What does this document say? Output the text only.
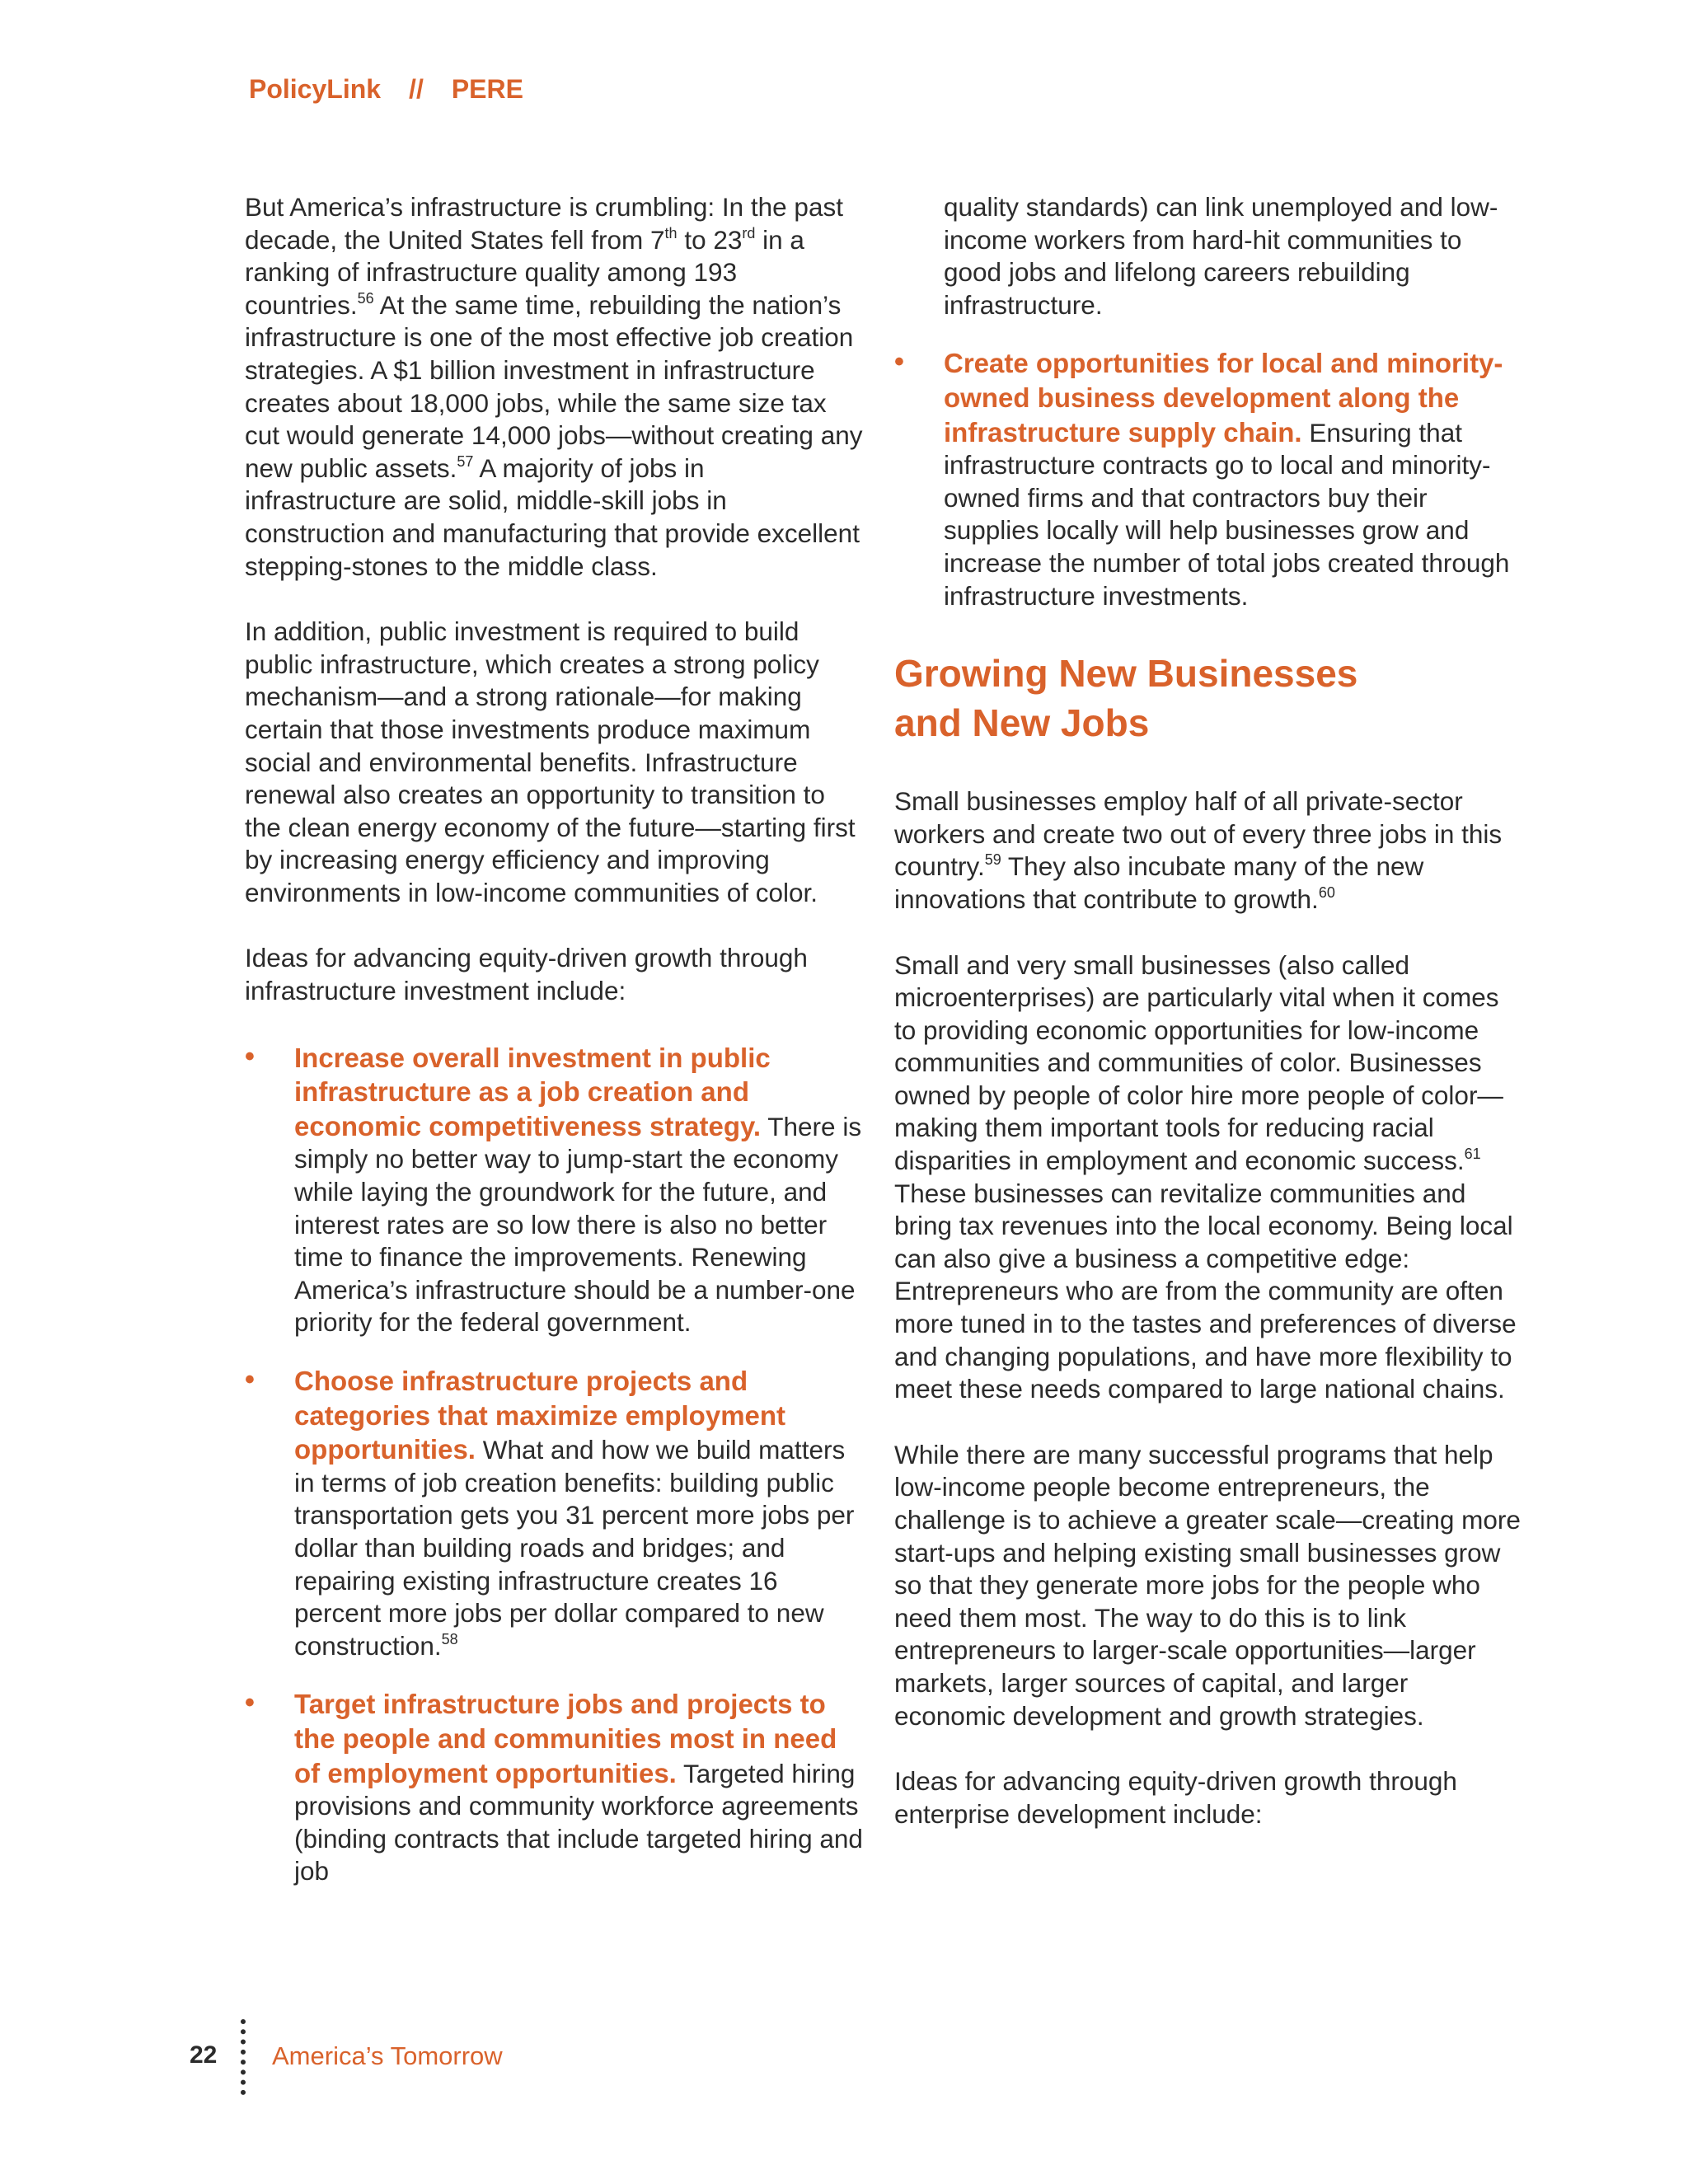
PolicyLink // PERE

But America’s infrastructure is crumbling: In the past decade, the United States fell from 7th to 23rd in a ranking of infrastructure quality among 193 countries.$^{56}$ At the same time, rebuilding the nation’s infrastructure is one of the most effective job creation strategies. A $1 billion investment in infrastructure creates about 18,000 jobs, while the same size tax cut would generate 14,000 jobs—without creating any new public assets.$^{57}$ A majority of jobs in infrastructure are solid, middle-skill jobs in construction and manufacturing that provide excellent stepping-stones to the middle class.

In addition, public investment is required to build public infrastructure, which creates a strong policy mechanism—and a strong rationale—for making certain that those investments produce maximum social and environmental benefits. Infrastructure renewal also creates an opportunity to transition to the clean energy economy of the future—starting first by increasing energy efficiency and improving environments in low-income communities of color.

Ideas for advancing equity-driven growth through infrastructure investment include:

• Increase overall investment in public infrastructure as a job creation and economic competitiveness strategy. There is simply no better way to jump-start the economy while laying the groundwork for the future, and interest rates are so low there is also no better time to finance the improvements. Renewing America’s infrastructure should be a number-one priority for the federal government.
• Choose infrastructure projects and categories that maximize employment opportunities. What and how we build matters in terms of job creation benefits: building public transportation gets you 31 percent more jobs per dollar than building roads and bridges; and repairing existing infrastructure creates 16 percent more jobs per dollar compared to new construction.$^{58}$
• Target infrastructure jobs and projects to the people and communities most in need of employment opportunities. Targeted hiring provisions and community workforce agreements (binding contracts that include targeted hiring and job
quality standards) can link unemployed and low-income workers from hard-hit communities to good jobs and lifelong careers rebuilding infrastructure.
• Create opportunities for local and minority-owned business development along the infrastructure supply chain. Ensuring that infrastructure contracts go to local and minority-owned firms and that contractors buy their supplies locally will help businesses grow and increase the number of total jobs created through infrastructure investments.
Growing New Businesses
and New Jobs

Small businesses employ half of all private-sector workers and create two out of every three jobs in this country.$^{59}$ They also incubate many of the new innovations that contribute to growth.$^{60}$

Small and very small businesses (also called microenterprises) are particularly vital when it comes to providing economic opportunities for low-income communities and communities of color. Businesses owned by people of color hire more people of color—making them important tools for reducing racial disparities in employment and economic success.$^{61}$ These businesses can revitalize communities and bring tax revenues into the local economy. Being local can also give a business a competitive edge: Entrepreneurs who are from the community are often more tuned in to the tastes and preferences of diverse and changing populations, and have more flexibility to meet these needs compared to large national chains.

While there are many successful programs that help low-income people become entrepreneurs, the challenge is to achieve a greater scale—creating more start-ups and helping existing small businesses grow so that they generate more jobs for the people who need them most. The way to do this is to link entrepreneurs to larger-scale opportunities—larger markets, larger sources of capital, and larger economic development and growth strategies.

Ideas for advancing equity-driven growth through enterprise development include:

22 America’s Tomorrow
